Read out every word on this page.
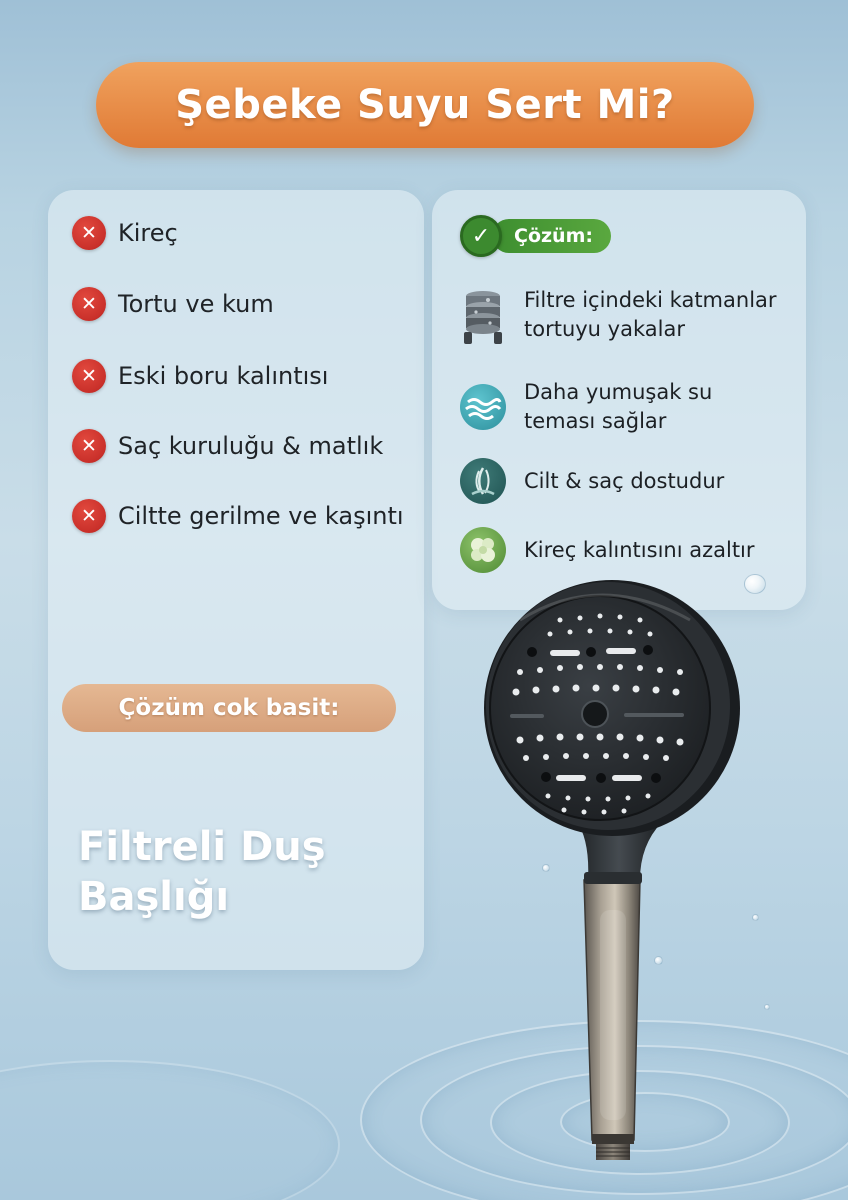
Şebeke Suyu Sert Mi?
✕ Kireç
✕ Tortu ve kum
✕ Eski boru kalıntısı
✕ Saç kuruluğu & matlık
✕ Ciltte gerilme ve kaşıntı
✓	Çözüm:
Filtre içindeki katmanlar
tortuyu yakalar
Daha yumuşak su
teması sağlar
Cilt & saç dostudur
Kireç kalıntısını azaltır
Çözüm cok basit:
Filtreli Duş
Başlığı
